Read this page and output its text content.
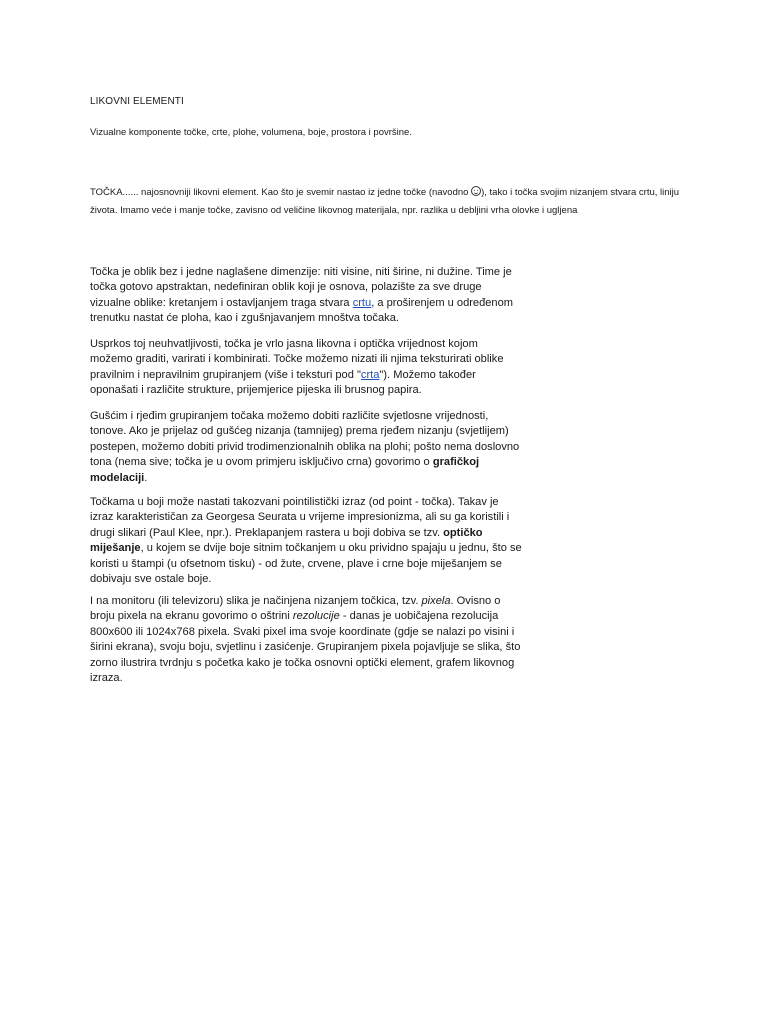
LIKOVNI ELEMENTI
Vizualne komponente točke, crte, plohe, volumena, boje, prostora i površine.
TOČKA...... najosnovniji likovni element. Kao što je svemir nastao iz jedne točke (navodno ), tako i točka svojim nizanjem stvara crtu, liniju života. Imamo veće i manje točke, zavisno od veličine likovnog materijala, npr. razlika u debljini vrha olovke i ugljena
Točka je oblik bez i jedne naglašene dimenzije: niti visine, niti širine, ni dužine. Time je točka gotovo apstraktan, nedefiniran oblik koji je osnova, polazište za sve druge vizualne oblike: kretanjem i ostavljanjem traga stvara crtu, a proširenjem u određenom trenutku nastat će ploha, kao i zgušnjavanjem mnoštva točaka.
Usprkos toj neuhvatljivosti, točka je vrlo jasna likovna i optička vrijednost kojom možemo graditi, varirati i kombinirati. Točke možemo nizati ili njima teksturirati oblike pravilnim i nepravilnim grupiranjem (više i teksturi pod "crta"). Možemo također oponašati i različite strukture, prijemjerice pijeska ili brusnog papira.
Gušćim i rjeđim grupiranjem točaka možemo dobiti različite svjetlosne vrijednosti, tonove. Ako je prijelaz od gušćeg nizanja (tamnijeg) prema rjeđem nizanju (svjetlijem) postepen, možemo dobiti privid trodimenzionalnih oblika na plohi; pošto nema doslovno tona (nema sive; točka je u ovom primjeru isključivo crna) govorimo o grafičkoj modelaciji.
Točkama u boji može nastati takozvani pointilistički izraz (od point - točka). Takav je izraz karakterističan za Georgesa Seurata u vrijeme impresionizma, ali su ga koristili i drugi slikari (Paul Klee, npr.). Preklapanjem rastera u boji dobiva se tzv. optičko miješanje, u kojem se dvije boje sitnim točkanjem u oku prividno spajaju u jednu, što se koristi u štampi (u ofsetnom tisku) - od žute, crvene, plave i crne boje miješanjem se dobivaju sve ostale boje.
I na monitoru (ili televizoru) slika je načinjena nizanjem točkica, tzv. pixela. Ovisno o broju pixela na ekranu govorimo o oštrini rezolucije - danas je uobičajena rezolucija 800x600 ili 1024x768 pixela. Svaki pixel ima svoje koordinate (gdje se nalazi po visini i širini ekrana), svoju boju, svjetlinu i zasićenje. Grupiranjem pixela pojavljuje se slika, što zorno ilustrira tvrdnju s početka kako je točka osnovni optički element, grafem likovnog izraza.
